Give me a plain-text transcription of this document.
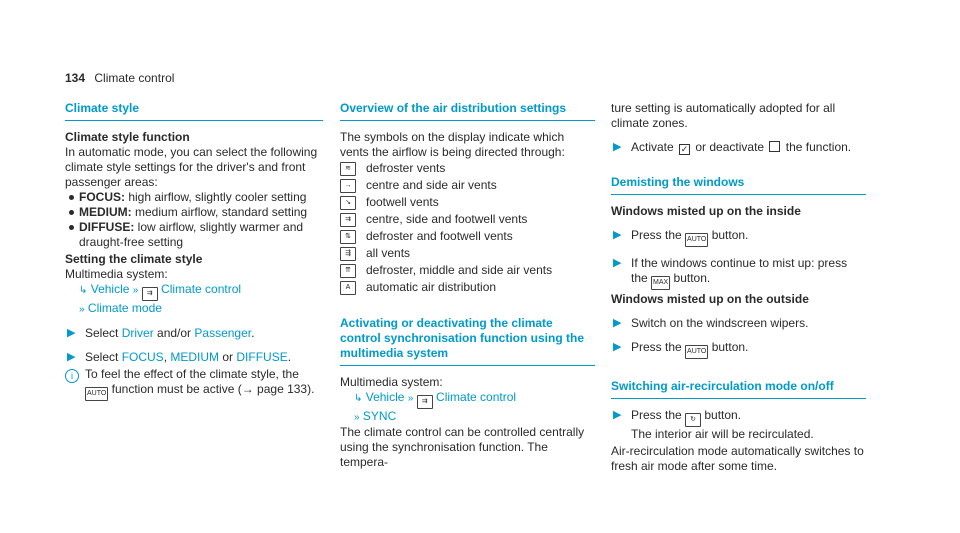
134 Climate control
Climate style

Climate style function

In automatic mode, you can select the following climate style settings for the driver's and front passenger areas:

FOCUS: high airflow, slightly cooler setting
MEDIUM: medium airflow, standard setting
DIFFUSE: low airflow, slightly warmer and draught-free setting

Setting the climate style

Multimedia system:

↳ Vehicle » ⇉ Climate control
» Climate mode
▶ Select Driver and/or Passenger.
▶ Select FOCUS, MEDIUM or DIFFUSE.
i	To feel the effect of the climate style, the AUTO function must be active (→ page 133).
Overview of the air distribution settings

The symbols on the display indicate which vents the airflow is being directed through:

≋	defroster vents
→	centre and side air vents
↘	footwell vents
⇉	centre, side and footwell vents
⇅	defroster and footwell vents
⇶	all vents
⇈	defroster, middle and side air vents
A	automatic air distribution
Activating or deactivating the climate control synchronisation function using the multimedia system

Multimedia system:

↳ Vehicle » ⇉ Climate control
» SYNC

The climate control can be controlled centrally using the synchronisation function. The tempera-

ture setting is automatically adopted for all climate zones.

▶ Activate ✓ or deactivate  the function.
Demisting the windows

Windows misted up on the inside

▶ Press the AUTO button.
▶ If the windows continue to mist up: press the MAX button.

Windows misted up on the outside

▶ Switch on the windscreen wipers.
▶ Press the AUTO button.
Switching air-recirculation mode on/off
▶ Press the ↻ button.
The interior air will be recirculated.

Air-recirculation mode automatically switches to fresh air mode after some time.
